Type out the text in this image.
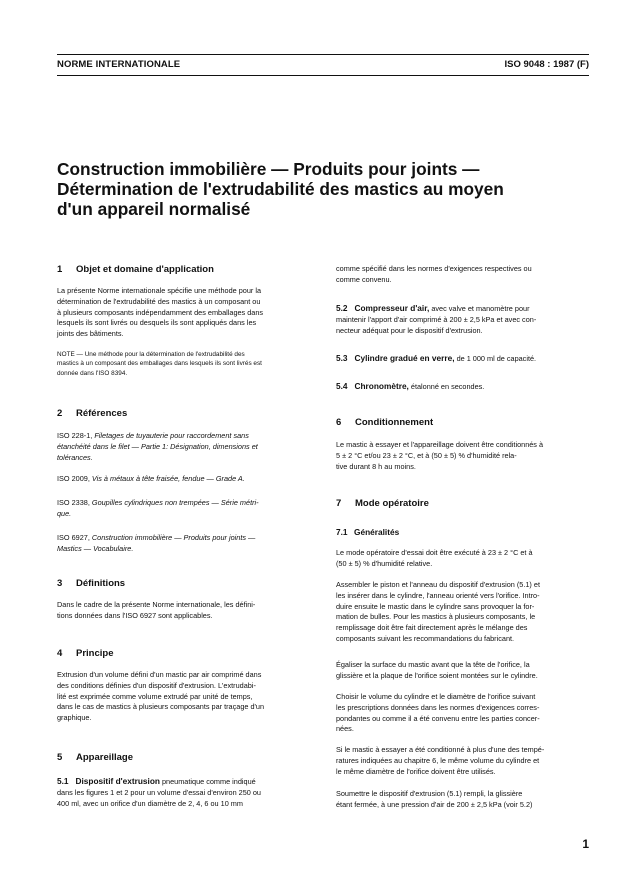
NORME INTERNATIONALE	ISO 9048 : 1987 (F)
Construction immobilière — Produits pour joints —
Détermination de l'extrudabilité des mastics au moyen
d'un appareil normalisé
1 Objet et domaine d'application

La présente Norme internationale spécifie une méthode pour la

détermination de l'extrudabilité des mastics à un composant ou

à plusieurs composants indépendamment des emballages dans

lesquels ils sont livrés ou desquels ils sont appliqués dans les

joints des bâtiments.

NOTE — Une méthode pour la détermination de l'extrudabilité des

mastics à un composant des emballages dans lesquels ils sont livrés est

donnée dans l'ISO 8394.

2 Références

ISO 228-1, Filetages de tuyauterie pour raccordement sans

étanchéité dans le filet — Partie 1: Désignation, dimensions et

tolérances.

ISO 2009, Vis à métaux à tête fraisée, fendue — Grade A.

ISO 2338, Goupilles cylindriques non trempées — Série métri-

que.

ISO 6927, Construction immobilière — Produits pour joints —

Mastics — Vocabulaire.

3 Définitions

Dans le cadre de la présente Norme internationale, les défini-

tions données dans l'ISO 6927 sont applicables.

4 Principe

Extrusion d'un volume défini d'un mastic par air comprimé dans

des conditions définies d'un dispositif d'extrusion. L'extrudabi-

lité est exprimée comme volume extrudé par unité de temps,

dans le cas de mastics à plusieurs composants par traçage d'un

graphique.

5 Appareillage

5.1 Dispositif d'extrusion pneumatique comme indiqué

dans les figures 1 et 2 pour un volume d'essai d'environ 250 ou

400 ml, avec un orifice d'un diamètre de 2, 4, 6 ou 10 mm

comme spécifié dans les normes d'exigences respectives ou

comme convenu.

5.2 Compresseur d'air, avec valve et manomètre pour

maintenir l'apport d'air comprimé à 200 ± 2,5 kPa et avec con-

necteur adéquat pour le dispositif d'extrusion.

5.3 Cylindre gradué en verre, de 1 000 ml de capacité.

5.4 Chronomètre, étalonné en secondes.

6 Conditionnement

Le mastic à essayer et l'appareillage doivent être conditionnés à

5 ± 2 °C et/ou 23 ± 2 °C, et à (50 ± 5) % d'humidité rela-

tive durant 8 h au moins.

7 Mode opératoire
7.1 Généralités

Le mode opératoire d'essai doit être exécuté à 23 ± 2 °C et à

(50 ± 5) % d'humidité relative.

Assembler le piston et l'anneau du dispositif d'extrusion (5.1) et

les insérer dans le cylindre, l'anneau orienté vers l'orifice. Intro-

duire ensuite le mastic dans le cylindre sans provoquer la for-

mation de bulles. Pour les mastics à plusieurs composants, le

remplissage doit être fait directement après le mélange des

composants suivant les recommandations du fabricant.

Égaliser la surface du mastic avant que la tête de l'orifice, la

glissière et la plaque de l'orifice soient montées sur le cylindre.

Choisir le volume du cylindre et le diamètre de l'orifice suivant

les prescriptions données dans les normes d'exigences corres-

pondantes ou comme il a été convenu entre les parties concer-

nées.

Si le mastic à essayer a été conditionné à plus d'une des tempé-

ratures indiquées au chapitre 6, le même volume du cylindre et

le même diamètre de l'orifice doivent être utilisés.

Soumettre le dispositif d'extrusion (5.1) rempli, la glissière

étant fermée, à une pression d'air de 200 ± 2,5 kPa (voir 5.2)

1
